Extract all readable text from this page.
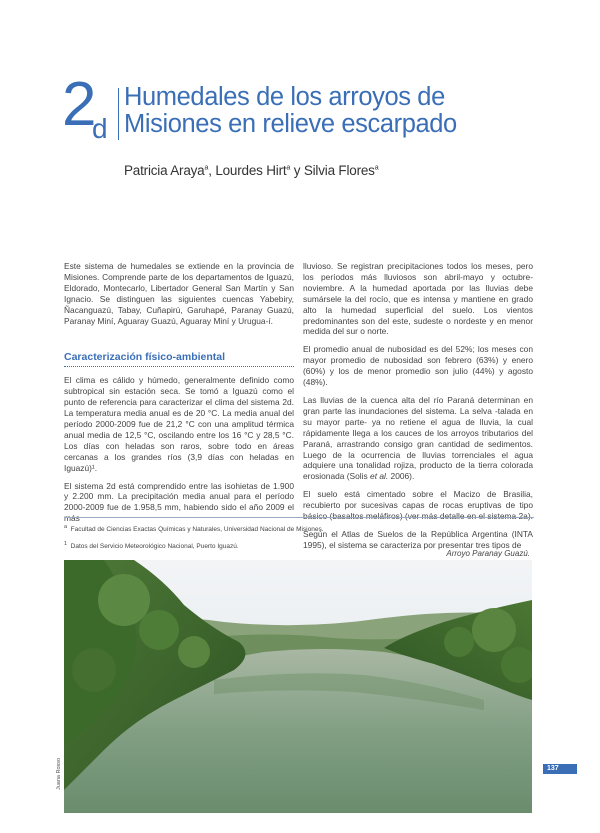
2
d
Humedales de los arroyos de
Misiones en relieve escarpado
Patricia Araya$^a$, Lourdes Hirt$^a$ y Silvia Flores$^a$

Este sistema de humedales se extiende en la provincia de Misiones. Comprende parte de los departamentos de Iguazú, Eldorado, Montecarlo, Libertador General San Martín y San Ignacio. Se distinguen las siguientes cuencas Yabebiry, Ñacanguazú, Tabay, Cuñapirú, Garuhapé, Paranay Guazú, Paranay Miní, Aguaray Guazú, Aguaray Miní y Urugua-í.

Caracterización físico-ambiental

El clima es cálido y húmedo, generalmente definido como subtropical sin estación seca. Se tomó a Iguazú como el punto de referencia para caracterizar el clima del sistema 2d. La temperatura media anual es de 20 °C. La media anual del período 2000-2009 fue de 21,2 °C con una amplitud térmica anual media de 12,5 °C, oscilando entre los 16 °C y 28,5 °C. Los días con heladas son raros, sobre todo en áreas cercanas a los grandes ríos (3,9 días con heladas en Iguazú)¹.

El sistema 2d está comprendido entre las isohietas de 1.900 y 2.200 mm. La precipitación media anual para el período 2000-2009 fue de 1.958,5 mm, habiendo sido el año 2009 el más

lluvioso. Se registran precipitaciones todos los meses, pero los períodos más lluviosos son abril-mayo y octubre-noviembre. A la humedad aportada por las lluvias debe sumársele la del rocío, que es intensa y mantiene en grado alto la humedad superficial del suelo. Los vientos predominantes son del este, sudeste o nordeste y en menor medida del sur o norte.

El promedio anual de nubosidad es del 52%; los meses con mayor promedio de nubosidad son febrero (63%) y enero (60%) y los de menor promedio son julio (44%) y agosto (48%).

Las lluvias de la cuenca alta del río Paraná determinan en gran parte las inundaciones del sistema. La selva -talada en su mayor parte- ya no retiene el agua de lluvia, la cual rápidamente llega a los cauces de los arroyos tributarios del Paraná, arrastrando consigo gran cantidad de sedimentos. Luego de la ocurrencia de lluvias torrenciales el agua adquiere una tonalidad rojiza, producto de la tierra colorada erosionada (Solis et al. 2006).

El suelo está cimentado sobre el Macizo de Brasilia, recubierto por sucesivas capas de rocas eruptivas de tipo básico (basaltos meláfiros) (ver más detalle en el sistema 2a).

Según el Atlas de Suelos de la República Argentina (INTA 1995), el sistema se caracteriza por presentar tres tipos de

$^a$ Facultad de Ciencias Exactas Químicas y Naturales, Universidad Nacional de Misiones.
$^1$ Datos del Servicio Meteorológico Nacional, Puerto Iguazú.
Arroyo Paranay Guazú.
Juana Rosso	137
